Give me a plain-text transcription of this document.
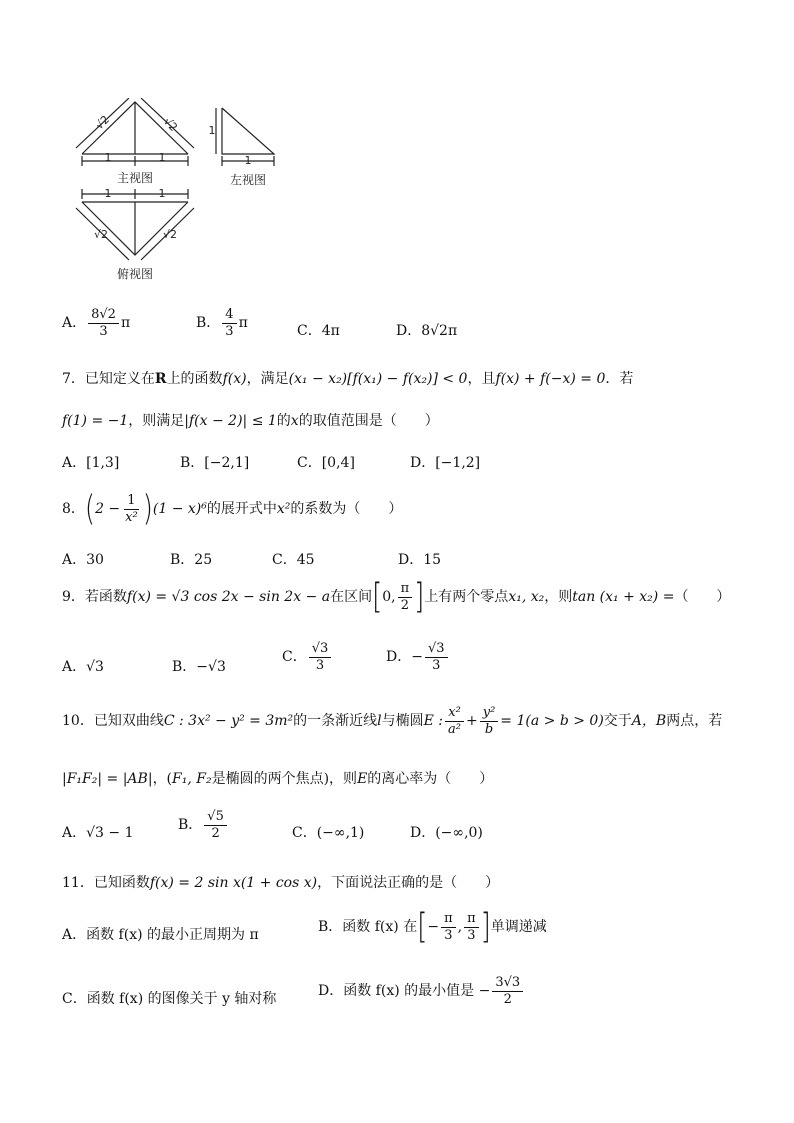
主视图	左视图
俯视图
1	1	1
1
1	1
√2	√2
√2	√2
A． $\frac{8√2}{3}$ π	B． $\frac{4}{3}$ π	C．4π	D．8√2π
7．已知定义在R上的函数f(x)，满足(x₁ − x₂)[f(x₁) − f(x₂)] < 0，且f(x) + f(−x) = 0．若
f(1) = −1，则满足|f(x − 2)| ≤ 1的x的取值范围是（　　）
A．[1,3]	B．[−2,1]	C．[0,4]	D．[−1,2]
8．$(2 - \frac{1}{\text{x²}} )(1 - x)^6$的展开式中x²的系数为（　　）
A．30	B．25	C．45	D．15
9．若函数f(x) = √3 cos 2x − sin 2x − a在区间[0, $\frac{\pi}{2}$ ]上有两个零点x₁, x₂，则tan (x₁ + x₂) =（　　）
A．√3	B．−√3
C． $\frac{√3}{3}$	D．− $\frac{√3}{3}$
10．已知双曲线C : 3x² − y² = 3m²的一条渐近线l与椭圆E : $\frac{\text{x²}}{\text{a²}} + \frac{\text{y²}}{b} = 1(a > b > 0)$交于A，B两点，若
|F₁F₂| = |AB|，(F₁, F₂是椭圆的两个焦点)，则E的离心率为（　　）
A．√3 − 1	B． $\frac{√5}{2}$	C．(−∞,1)	D．(−∞,0)
11．已知函数f(x) = 2 sin x(1 + cos x)，下面说法正确的是（　　）
A．函数 f(x) 的最小正周期为 π	B．函数 f(x) 在[− $\frac{\pi}{3}$ , $\frac{\pi}{3}$ ]单调递减
C．函数 f(x) 的图像关于 y 轴对称	D．函数 f(x) 的最小值是 − $\frac{3√3}{2}$
